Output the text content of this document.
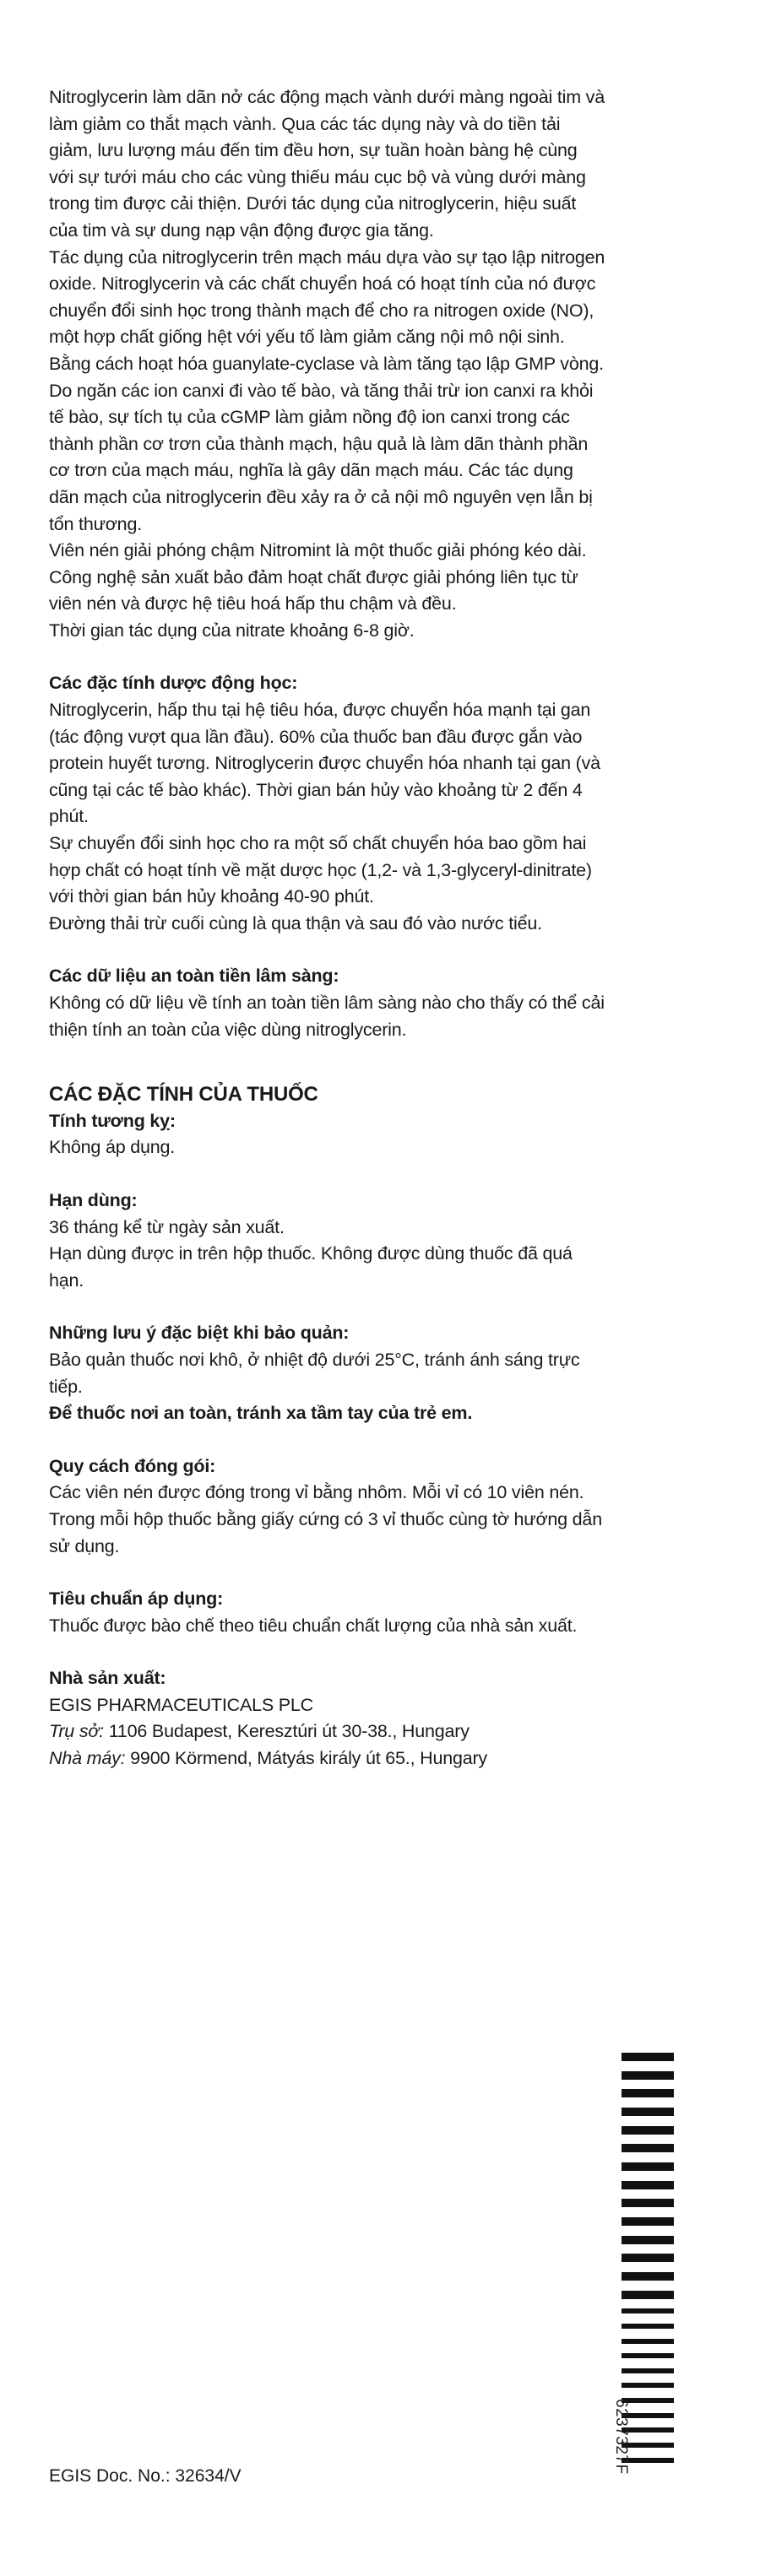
Nitroglycerin làm dãn nở các động mạch vành dưới màng ngoài tim và làm giảm co thắt mạch vành. Qua các tác dụng này và do tiền tải giảm, lưu lượng máu đến tim đều hơn, sự tuần hoàn bàng hệ cùng với sự tưới máu cho các vùng thiếu máu cục bộ và vùng dưới màng trong tim được cải thiện. Dưới tác dụng của nitroglycerin, hiệu suất của tim và sự dung nạp vận động được gia tăng.

Tác dụng của nitroglycerin trên mạch máu dựa vào sự tạo lập nitrogen oxide. Nitroglycerin và các chất chuyển hoá có hoạt tính của nó được chuyển đổi sinh học trong thành mạch để cho ra nitrogen oxide (NO), một hợp chất giống hệt với yếu tố làm giảm căng nội mô nội sinh. Bằng cách hoạt hóa guanylate-cyclase và làm tăng tạo lập GMP vòng. Do ngăn các ion canxi đi vào tế bào, và tăng thải trừ ion canxi ra khỏi tế bào, sự tích tụ của cGMP làm giảm nồng độ ion canxi trong các thành phần cơ trơn của thành mạch, hậu quả là làm dãn thành phần cơ trơn của mạch máu, nghĩa là gây dãn mạch máu. Các tác dụng dãn mạch của nitroglycerin đều xảy ra ở cả nội mô nguyên vẹn lẫn bị tổn thương.

Viên nén giải phóng chậm Nitromint là một thuốc giải phóng kéo dài. Công nghệ sản xuất bảo đảm hoạt chất được giải phóng liên tục từ viên nén và được hệ tiêu hoá hấp thu chậm và đều.

Thời gian tác dụng của nitrate khoảng 6-8 giờ.

Các đặc tính dược động học:

Nitroglycerin, hấp thu tại hệ tiêu hóa, được chuyển hóa mạnh tại gan (tác động vượt qua lần đầu). 60% của thuốc ban đầu được gắn vào protein huyết tương. Nitroglycerin được chuyển hóa nhanh tại gan (và cũng tại các tế bào khác). Thời gian bán hủy vào khoảng từ 2 đến 4 phút.

Sự chuyển đổi sinh học cho ra một số chất chuyển hóa bao gồm hai hợp chất có hoạt tính về mặt dược học (1,2- và 1,3-glyceryl-dinitrate) với thời gian bán hủy khoảng 40-90 phút.

Đường thải trừ cuối cùng là qua thận và sau đó vào nước tiểu.

Các dữ liệu an toàn tiền lâm sàng:

Không có dữ liệu về tính an toàn tiền lâm sàng nào cho thấy có thể cải thiện tính an toàn của việc dùng nitroglycerin.

CÁC ĐẶC TÍNH CỦA THUỐC

Tính tương kỵ:

Không áp dụng.

Hạn dùng:

36 tháng kể từ ngày sản xuất.

Hạn dùng được in trên hộp thuốc. Không được dùng thuốc đã quá hạn.

Những lưu ý đặc biệt khi bảo quản:

Bảo quản thuốc nơi khô, ở nhiệt độ dưới 25°C, tránh ánh sáng trực tiếp.

Để thuốc nơi an toàn, tránh xa tầm tay của trẻ em.

Quy cách đóng gói:

Các viên nén được đóng trong vỉ bằng nhôm. Mỗi vỉ có 10 viên nén.

Trong mỗi hộp thuốc bằng giấy cứng có 3 vỉ thuốc cùng tờ hướng dẫn sử dụng.

Tiêu chuẩn áp dụng:

Thuốc được bào chế theo tiêu chuẩn chất lượng của nhà sản xuất.

Nhà sản xuất:

EGIS PHARMACEUTICALS PLC

Trụ sở: 1106 Budapest, Keresztúri út 30-38., Hungary

Nhà máy: 9900 Körmend, Mátyás király út 65., Hungary

6237327F
EGIS Doc. No.: 32634/V
